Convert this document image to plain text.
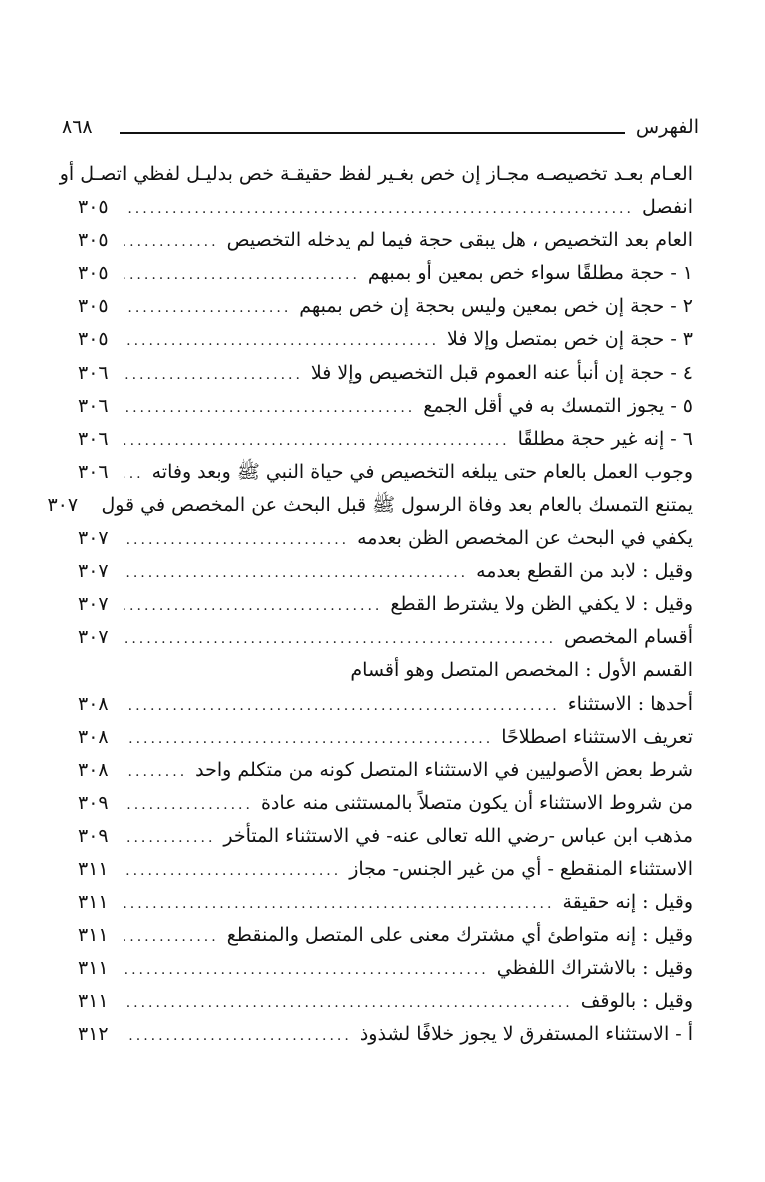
الفهرس
٨٦٨
العـام بعـد تخصيصـه مجـاز إن خص بغـير لفظ حقيقـة خص بدليـل لفظي اتصـل أو
انفصل
.....
٣٠٥
العام بعد التخصيص ، هل يبقى حجة فيما لم يدخله التخصيص
.....
٣٠٥
١ - حجة مطلقًا سواء خص بمعين أو بمبهم
.....
٣٠٥
٢ - حجة إن خص بمعين وليس بحجة إن خص بمبهم
.....
٣٠٥
٣ - حجة إن خص بمتصل وإلا فلا
.....
٣٠٥
٤ - حجة إن أنبأ عنه العموم قبل التخصيص وإلا فلا
.....
٣٠٦
٥ - يجوز التمسك به في أقل الجمع
.....
٣٠٦
٦ - إنه غير حجة مطلقًا
.....
٣٠٦
وجوب العمل بالعام حتى يبلغه التخصيص في حياة النبي ﷺ وبعد وفاته
.....
٣٠٦
يمتنع التمسك بالعام بعد وفاة الرسول ﷺ قبل البحث عن المخصص في قول
٣٠٧
يكفي في البحث عن المخصص الظن بعدمه
.....
٣٠٧
وقيل : لابد من القطع بعدمه
.....
٣٠٧
وقيل : لا يكفي الظن ولا يشترط القطع
.....
٣٠٧
أقسام المخصص
.....
٣٠٧
القسم الأول : المخصص المتصل وهو أقسام
أحدها : الاستثناء
.....
٣٠٨
تعريف الاستثناء اصطلاحًا
.....
٣٠٨
شرط بعض الأصوليين في الاستثناء المتصل كونه من متكلم واحد
.....
٣٠٨
من شروط الاستثناء أن يكون متصلاً بالمستثنى منه عادة
.....
٣٠٩
مذهب ابن عباس -رضي الله تعالى عنه- في الاستثناء المتأخر
.....
٣٠٩
الاستثناء المنقطع - أي من غير الجنس- مجاز
.....
٣١١
وقيل : إنه حقيقة
.....
٣١١
وقيل : إنه متواطئ أي مشترك معنى على المتصل والمنقطع
.....
٣١١
وقيل : بالاشتراك اللفظي
.....
٣١١
وقيل : بالوقف
.....
٣١١
أ - الاستثناء المستفرق لا يجوز خلافًا لشذوذ
.....
٣١٢
